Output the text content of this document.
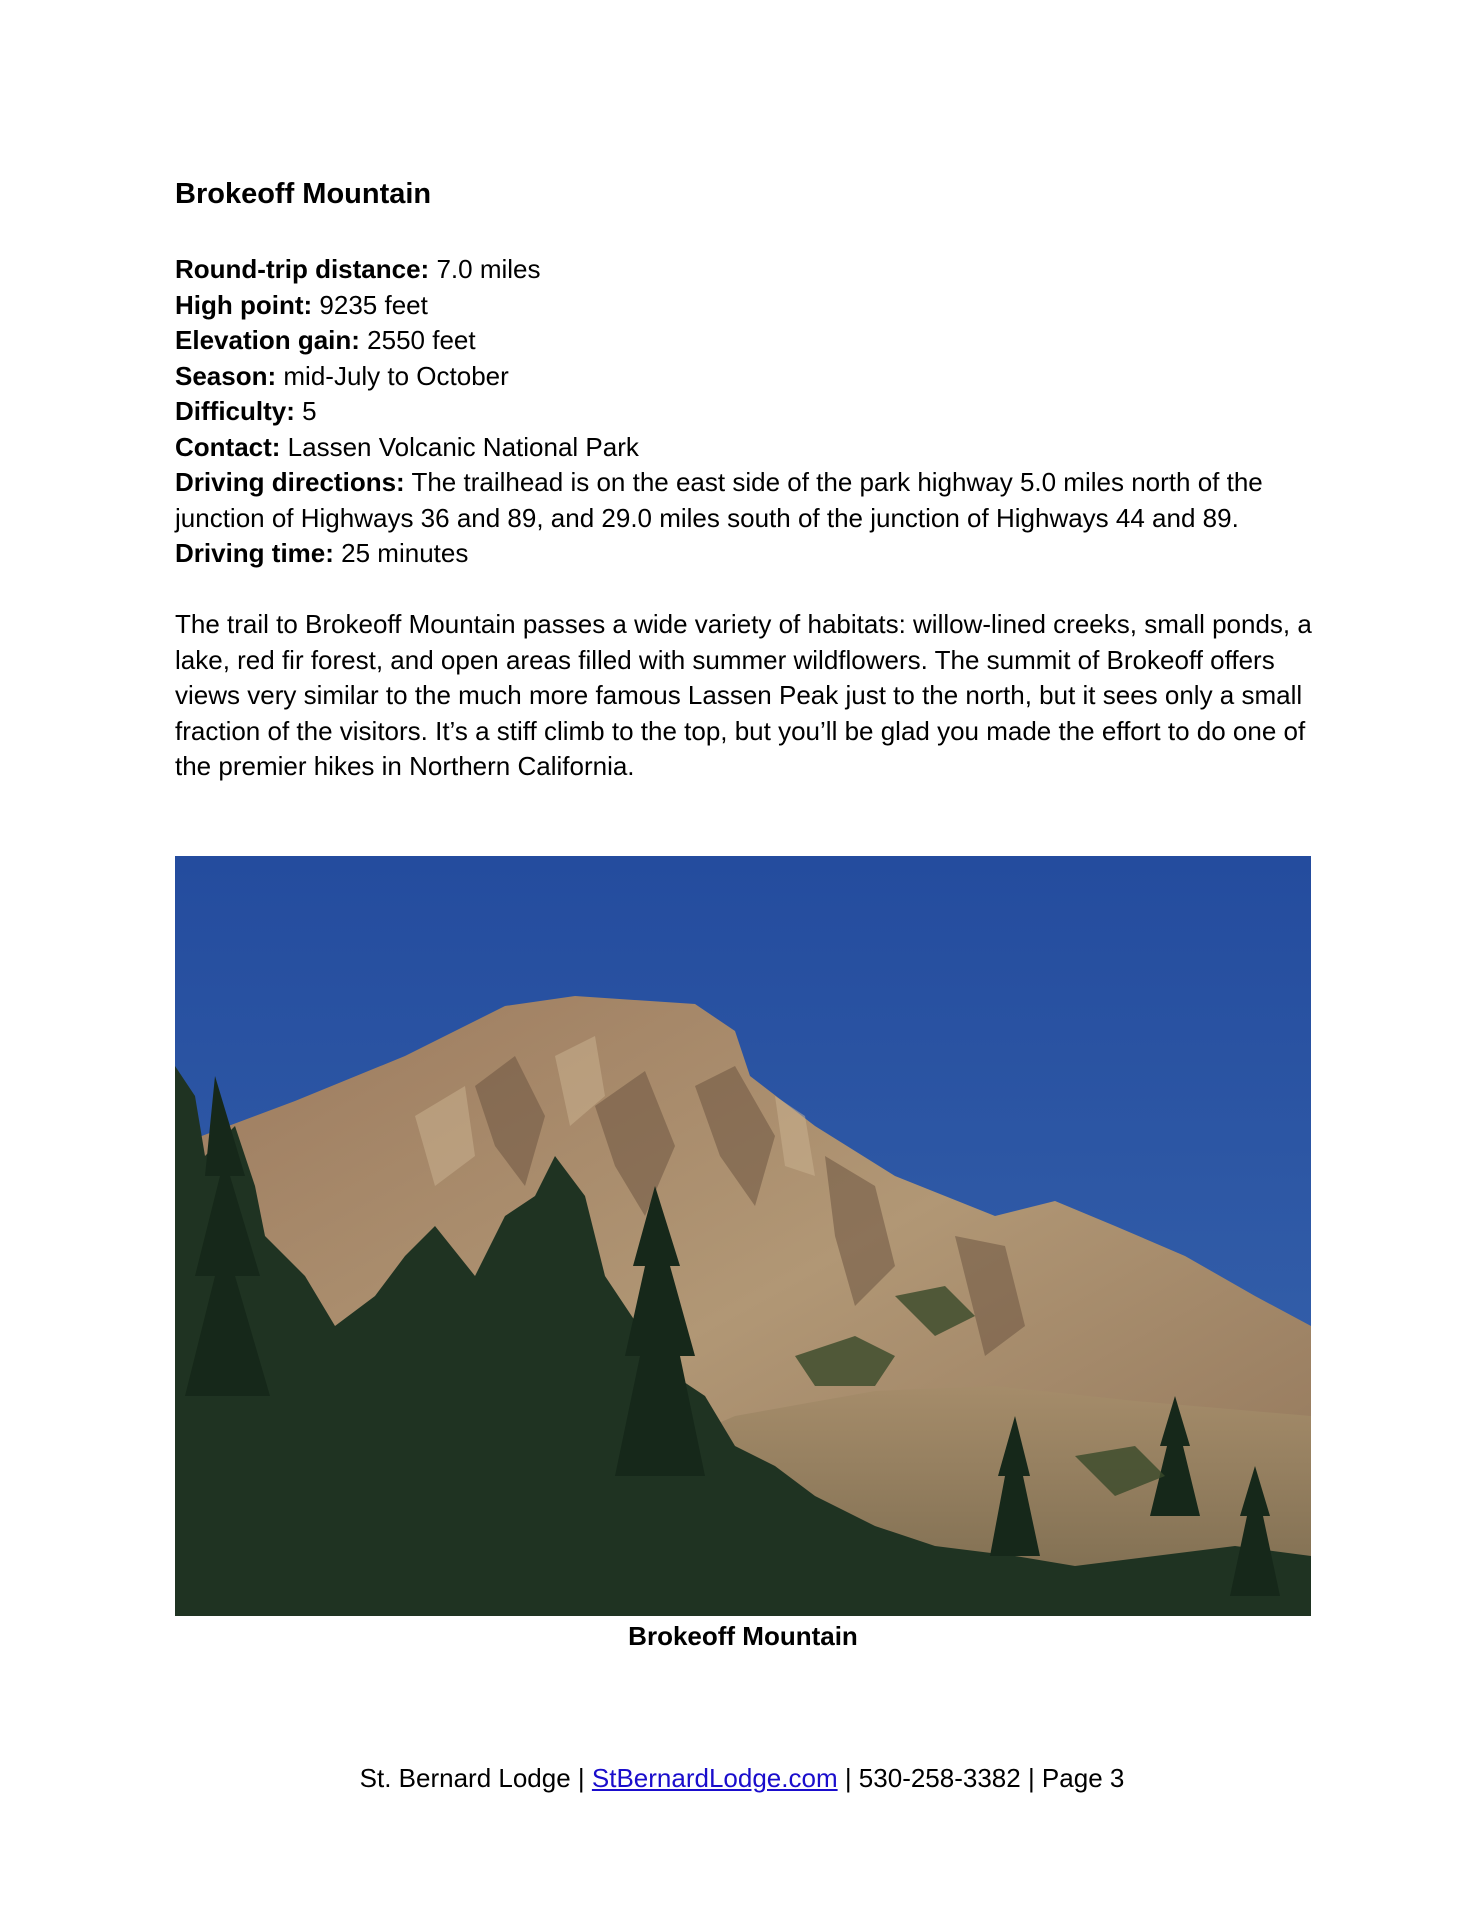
Brokeoff Mountain

Round-trip distance: 7.0 miles

High point: 9235 feet

Elevation gain: 2550 feet

Season: mid-July to October

Difficulty: 5

Contact: Lassen Volcanic National Park

Driving directions: The trailhead is on the east side of the park highway 5.0 miles north of the junction of Highways 36 and 89, and 29.0 miles south of the junction of Highways 44 and 89.

Driving time: 25 minutes

The trail to Brokeoff Mountain passes a wide variety of habitats: willow-lined creeks, small ponds, a lake, red fir forest, and open areas filled with summer wildflowers. The summit of Brokeoff offers views very similar to the much more famous Lassen Peak just to the north, but it sees only a small fraction of the visitors. It’s a stiff climb to the top, but you’ll be glad you made the effort to do one of the premier hikes in Northern California.

Brokeoff Mountain

St. Bernard Lodge | StBernardLodge.com | 530-258-3382 | Page 3
